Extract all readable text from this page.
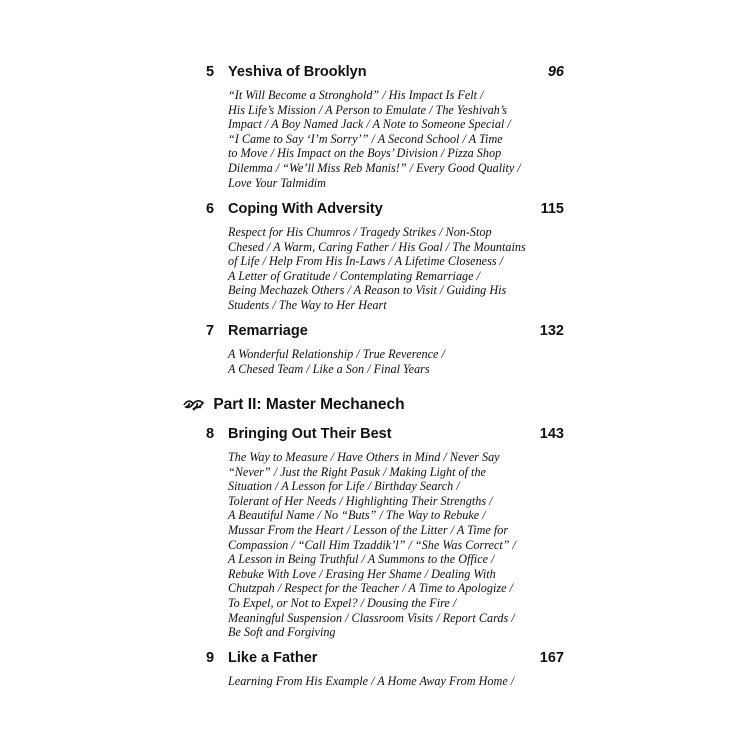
5 Yeshiva of Brooklyn	96
“It Will Become a Stronghold” / His Impact Is Felt /
His Life’s Mission / A Person to Emulate / The Yeshivah’s
Impact / A Boy Named Jack / A Note to Someone Special /
“I Came to Say ‘I’m Sorry’” / A Second School / A Time
to Move / His Impact on the Boys’ Division / Pizza Shop
Dilemma / “We’ll Miss Reb Manis!” / Every Good Quality /
Love Your Talmidim
6 Coping With Adversity	115
Respect for His Chumros / Tragedy Strikes / Non-Stop
Chesed / A Warm, Caring Father / His Goal / The Mountains
of Life / Help From His In-Laws / A Lifetime Closeness /
A Letter of Gratitude / Contemplating Remarriage /
Being Mechazek Others / A Reason to Visit / Guiding His
Students / The Way to Her Heart
7 Remarriage	132
A Wonderful Relationship / True Reverence /
A Chesed Team / Like a Son / Final Years
Part II: Master Mechanech
8 Bringing Out Their Best	143
The Way to Measure / Have Others in Mind / Never Say
“Never” / Just the Right Pasuk / Making Light of the
Situation / A Lesson for Life / Birthday Search /
Tolerant of Her Needs / Highlighting Their Strengths /
A Beautiful Name / No “Buts” / The Way to Rebuke /
Mussar From the Heart / Lesson of the Litter / A Time for
Compassion / “Call Him Tzaddik’l” / “She Was Correct” /
A Lesson in Being Truthful / A Summons to the Office /
Rebuke With Love / Erasing Her Shame / Dealing With
Chutzpah / Respect for the Teacher / A Time to Apologize /
To Expel, or Not to Expel? / Dousing the Fire /
Meaningful Suspension / Classroom Visits / Report Cards /
Be Soft and Forgiving
9 Like a Father	167
Learning From His Example / A Home Away From Home /
